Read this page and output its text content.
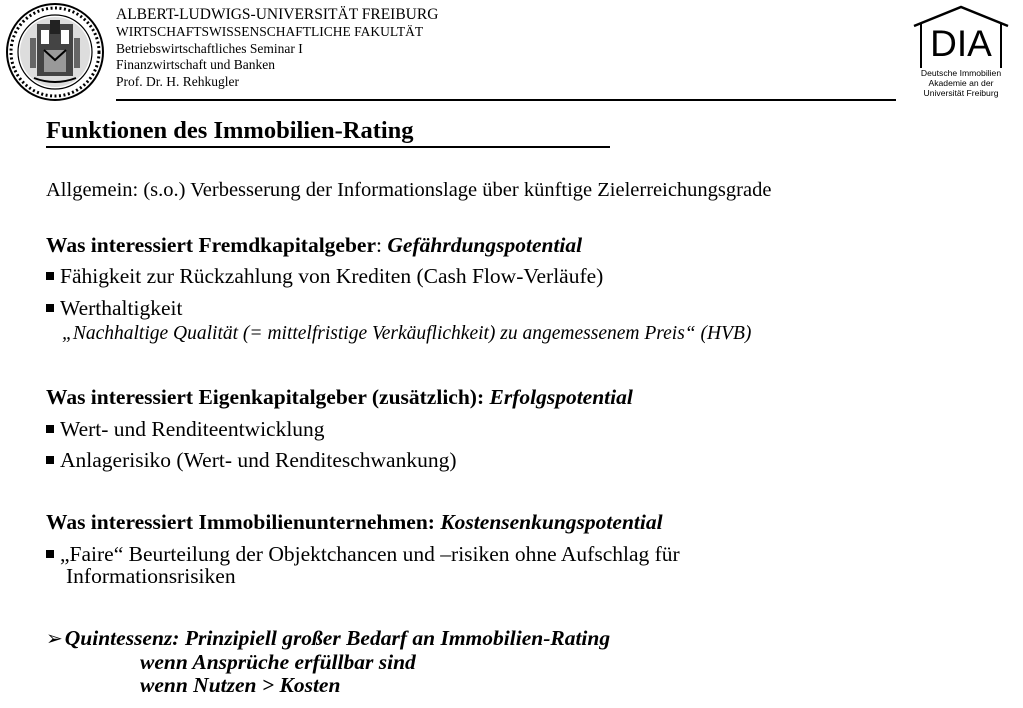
ALBERT-LUDWIGS-UNIVERSITÄT FREIBURG
WIRTSCHAFTSWISSENSCHAFTLICHE FAKULTÄT
Betriebswirtschaftliches Seminar I
Finanzwirtschaft und Banken
Prof. Dr. H. Rehkugler
DIA
Deutsche Immobilien
Akademie an der
Universität Freiburg
Funktionen des Immobilien-Rating
Allgemein: (s.o.) Verbesserung der Informationslage über künftige Zielerreichungsgrade
Was interessiert Fremdkapitalgeber: Gefährdungspotential
Fähigkeit zur Rückzahlung von Krediten (Cash Flow-Verläufe)
Werthaltigkeit
„Nachhaltige Qualität (= mittelfristige Verkäuflichkeit) zu angemessenem Preis“ (HVB)
Was interessiert Eigenkapitalgeber (zusätzlich): Erfolgspotential
Wert- und Renditeentwicklung
Anlagerisiko (Wert- und Renditeschwankung)
Was interessiert Immobilienunternehmen: Kostensenkungspotential
„Faire“ Beurteilung der Objektchancen und –risiken ohne Aufschlag für
Informationsrisiken
➢Quintessenz: Prinzipiell großer Bedarf an Immobilien-Rating
wenn Ansprüche erfüllbar sind
wenn Nutzen > Kosten
